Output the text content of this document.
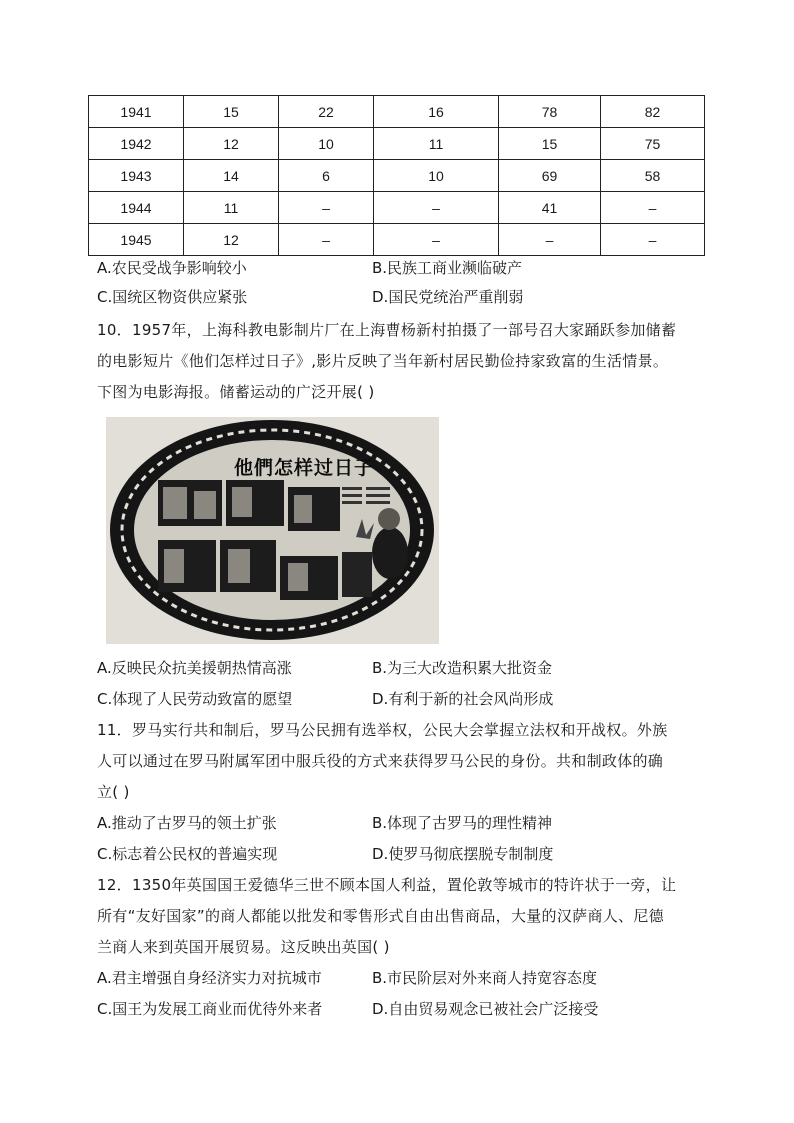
1941	15	22	16	78	82
1942	12	10	11	15	75
1943	14	6	10	69	58
1944	11	–	–	41	–
1945	12	–	–	–	–
A.农民受战争影响较小	B.民族工商业濒临破产
C.国统区物资供应紧张	D.国民党统治严重削弱
10．1957年，上海科教电影制片厂在上海曹杨新村拍摄了一部号召大家踊跃参加储蓄
的电影短片《他们怎样过日子》,影片反映了当年新村居民勤俭持家致富的生活情景。
下图为电影海报。储蓄运动的广泛开展( )
他們怎样过日子
A.反映民众抗美援朝热情高涨	B.为三大改造积累大批资金
C.体现了人民劳动致富的愿望	D.有利于新的社会风尚形成
11．罗马实行共和制后，罗马公民拥有选举权，公民大会掌握立法权和开战权。外族
人可以通过在罗马附属军团中服兵役的方式来获得罗马公民的身份。共和制政体的确
立( )
A.推动了古罗马的领土扩张	B.体现了古罗马的理性精神
C.标志着公民权的普遍实现	D.使罗马彻底摆脱专制制度
12．1350年英国国王爱德华三世不顾本国人利益，置伦敦等城市的特许状于一旁，让
所有“友好国家”的商人都能以批发和零售形式自由出售商品，大量的汉萨商人、尼德
兰商人来到英国开展贸易。这反映出英国( )
A.君主增强自身经济实力对抗城市	B.市民阶层对外来商人持宽容态度
C.国王为发展工商业而优待外来者	D.自由贸易观念已被社会广泛接受
